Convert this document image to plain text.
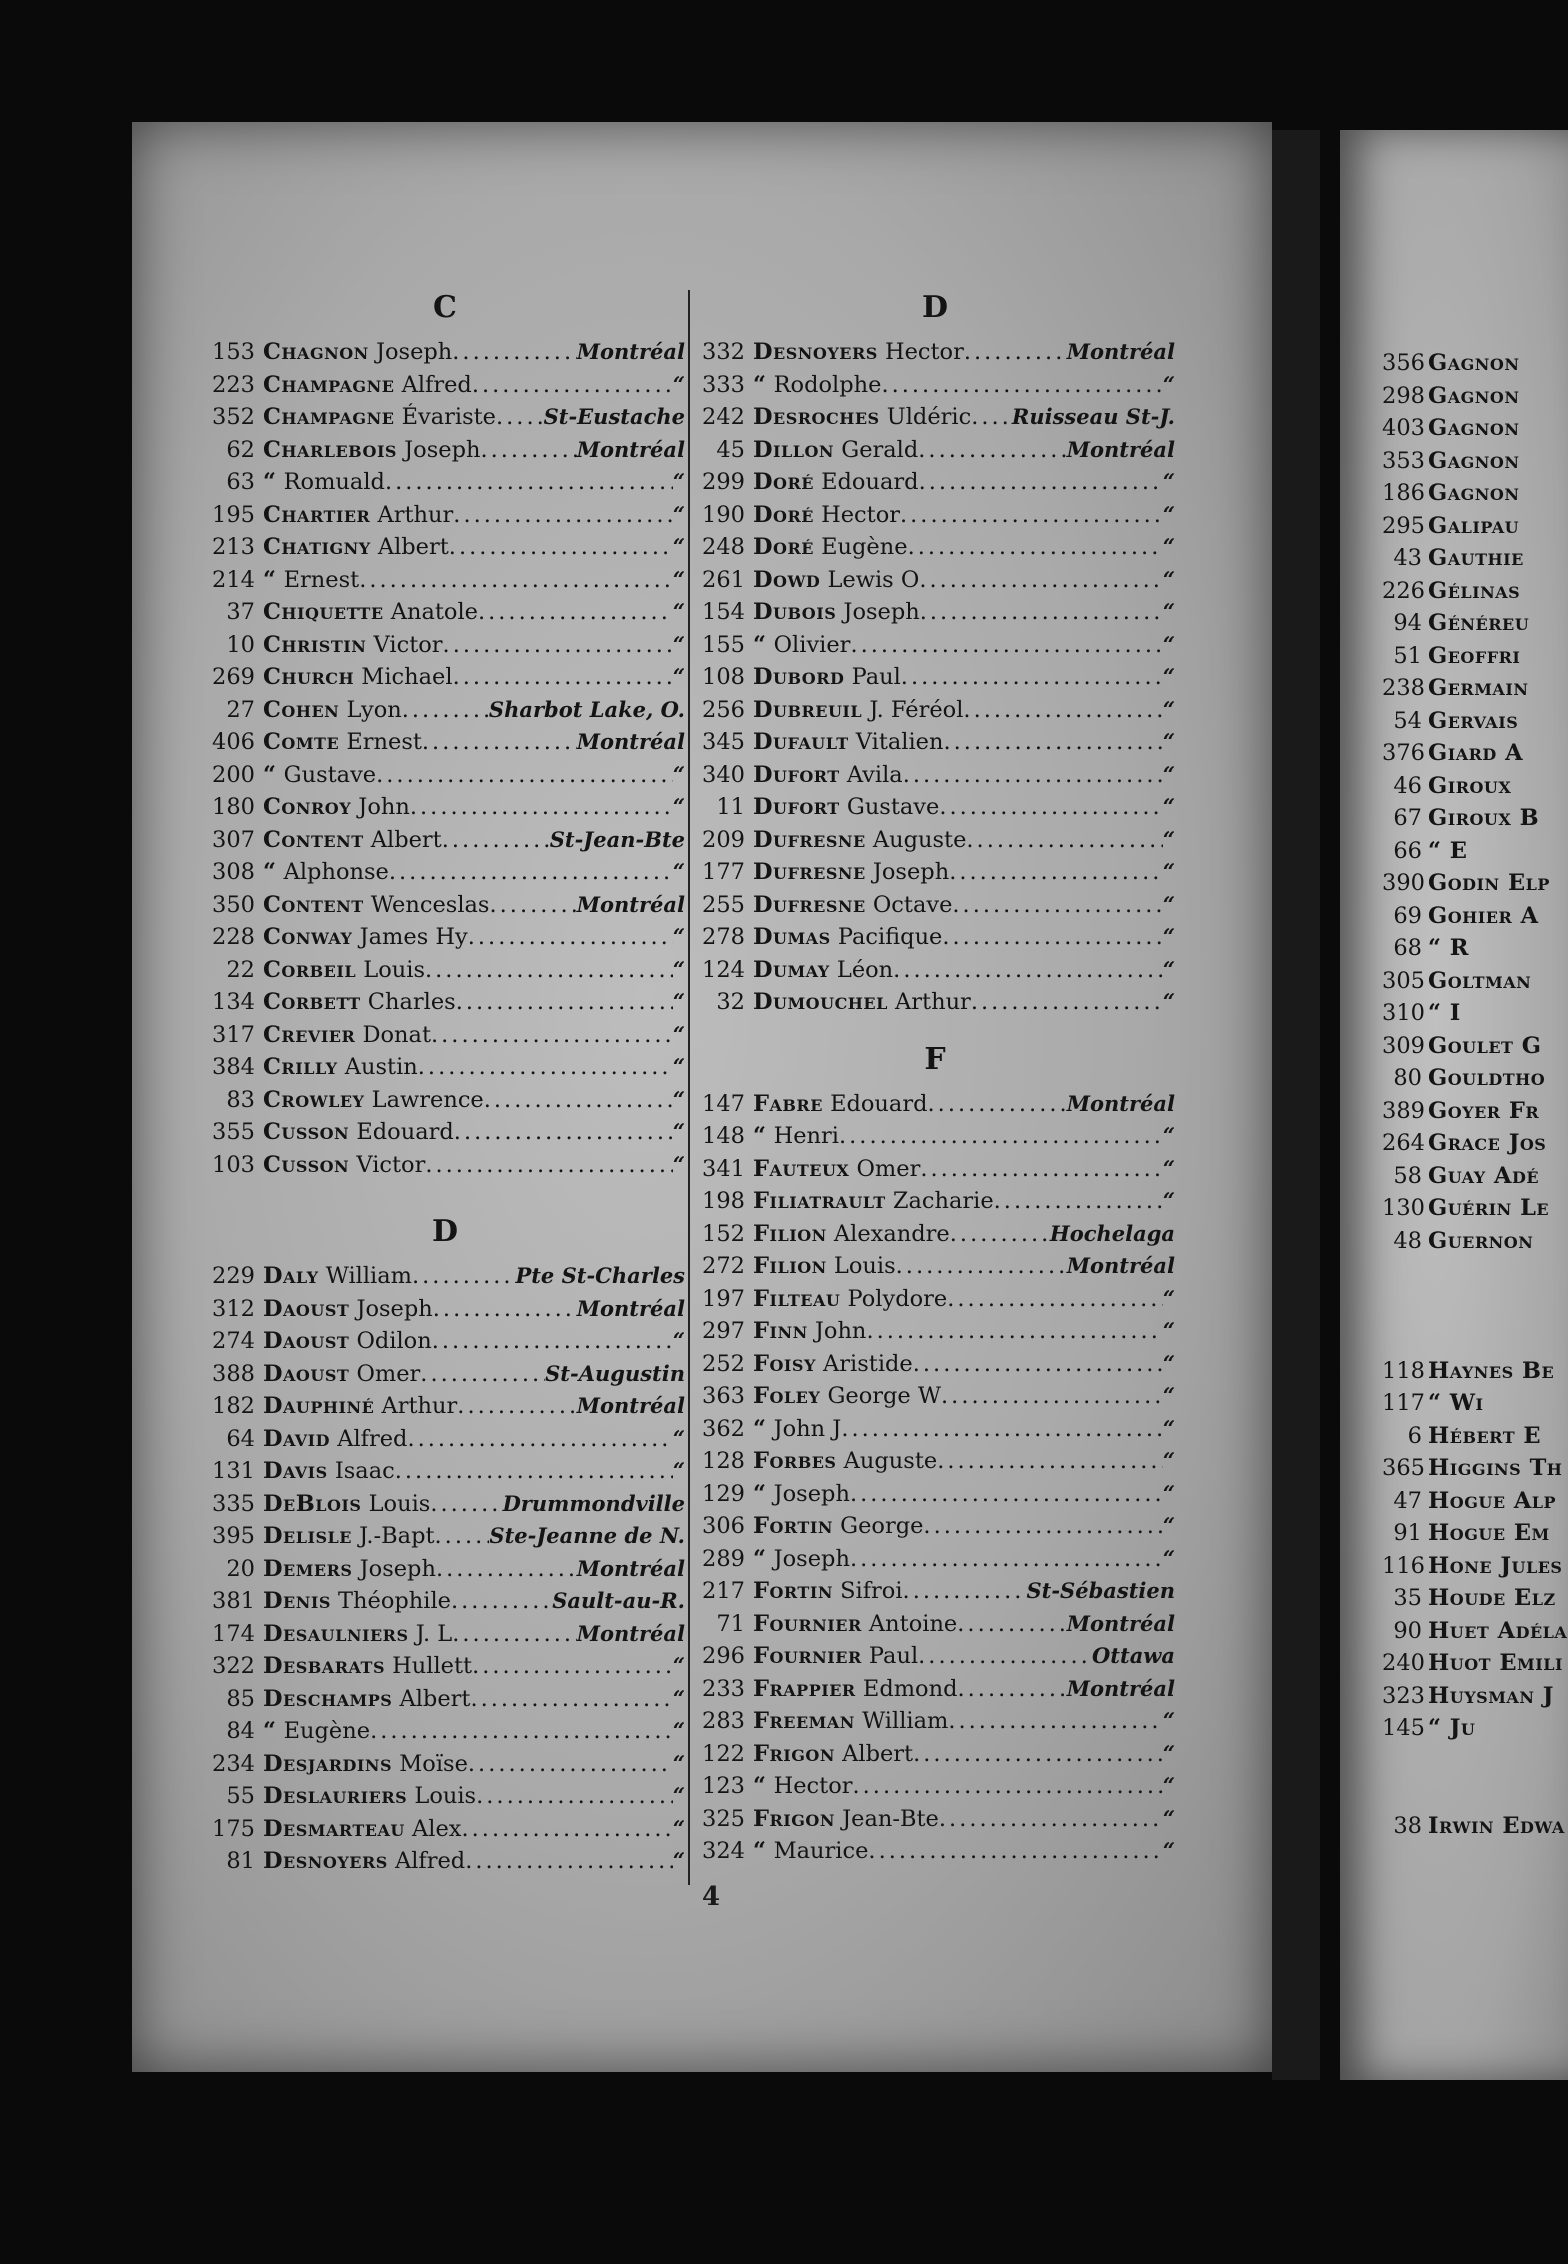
C
153 Chagnon Joseph .....	Montréal
223 Champagne Alfred .....	“
352 Champagne Évariste ..... St-Eustache
62 Charlebois Joseph .....	Montréal
63 “ Romuald .....	“
195 Chartier Arthur .....	“
213 Chatigny Albert .....	“
214 “ Ernest .....	“
37 Chiquette Anatole .....	“
10 Christin Victor .....	“
269 Church Michael .....	“
27 Cohen Lyon .....	Sharbot Lake, O.
406 Comte Ernest .....	Montréal
200 “ Gustave .....	“
180 Conroy John .....	“
307 Content Albert .....	St-Jean-Bte
308 “ Alphonse .....	“
350 Content Wenceslas .....	Montréal
228 Conway James Hy .....	“
22 Corbeil Louis .....	“
134 Corbett Charles .....	“
317 Crevier Donat .....	“
384 Crilly Austin .....	“
83 Crowley Lawrence .....	“
355 Cusson Edouard .....	“
103 Cusson Victor .....	“
D
229 Daly William .....	Pte St-Charles
312 Daoust Joseph .....	Montréal
274 Daoust Odilon .....	“
388 Daoust Omer .....	St-Augustin
182 Dauphiné Arthur .....	Montréal
64 David Alfred .....	“
131 Davis Isaac .....	“
335 DeBlois Louis .....	Drummondville
395 Delisle J.-Bapt .....	Ste-Jeanne de N.
20 Demers Joseph .....	Montréal
381 Denis Théophile .....	Sault-au-R.
174 Desaulniers J. L .....	Montréal
322 Desbarats Hullett .....	“
85 Deschamps Albert .....	“
84 “ Eugène .....	“
234 Desjardins Moïse .....	“
55 Deslauriers Louis .....	“
175 Desmarteau Alex .....	“
81 Desnoyers Alfred .....	“
D
332 Desnoyers Hector .....	Montréal
333 “ Rodolphe .....	“
242 Desroches Uldéric ..... Ruisseau St-J.
45 Dillon Gerald .....	Montréal
299 Doré Edouard .....	“
190 Doré Hector .....	“
248 Doré Eugène .....	“
261 Dowd Lewis O .....	“
154 Dubois Joseph .....	“
155 “ Olivier .....	“
108 Dubord Paul .....	“
256 Dubreuil J. Féréol .....	“
345 Dufault Vitalien .....	“
340 Dufort Avila .....	“
11 Dufort Gustave .....	“
209 Dufresne Auguste .....	“
177 Dufresne Joseph .....	“
255 Dufresne Octave .....	“
278 Dumas Pacifique .....	“
124 Dumay Léon .....	“
32 Dumouchel Arthur .....	“
F
147 Fabre Edouard .....	Montréal
148 “ Henri .....	“
341 Fauteux Omer .....	“
198 Filiatrault Zacharie .....	“
152 Filion Alexandre .....	Hochelaga
272 Filion Louis .....	Montréal
197 Filteau Polydore .....	“
297 Finn John .....	“
252 Foisy Aristide .....	“
363 Foley George W .....	“
362 “ John J .....	“
128 Forbes Auguste .....	“
129 “ Joseph .....	“
306 Fortin George .....	“
289 “ Joseph .....	“
217 Fortin Sifroi .....	St-Sébastien
71 Fournier Antoine .....	Montréal
296 Fournier Paul .....	Ottawa
233 Frappier Edmond .....	Montréal
283 Freeman William .....	“
122 Frigon Albert .....	“
123 “ Hector .....	“
325 Frigon Jean-Bte .....	“
324 “ Maurice .....	“
356 Gagnon
298 Gagnon
403 Gagnon
353 Gagnon
186 Gagnon
295 Galipau
43 Gauthie
226 Gélinas
94 Généreu
51 Geoffri
238 Germain
54 Gervais
376 Giard A
46 Giroux
67 Giroux B
66 “ E
390 Godin Elp
69 Gohier A
68 “ R
305 Goltman
310 “ I
309 Goulet G
80 Gouldtho
389 Goyer Fr
264 Grace Jos
58 Guay Adé
130 Guérin Le
48 Guernon
118 Haynes Be
117 “ Wi
6 Hébert E
365 Higgins Th
47 Hogue Alp
91 Hogue Em
116 Hone Jules
35 Houde Elz
90 Huet Adéla
240 Huot Emili
323 Huysman J
145 “ Ju
38 Irwin Edwa
4
